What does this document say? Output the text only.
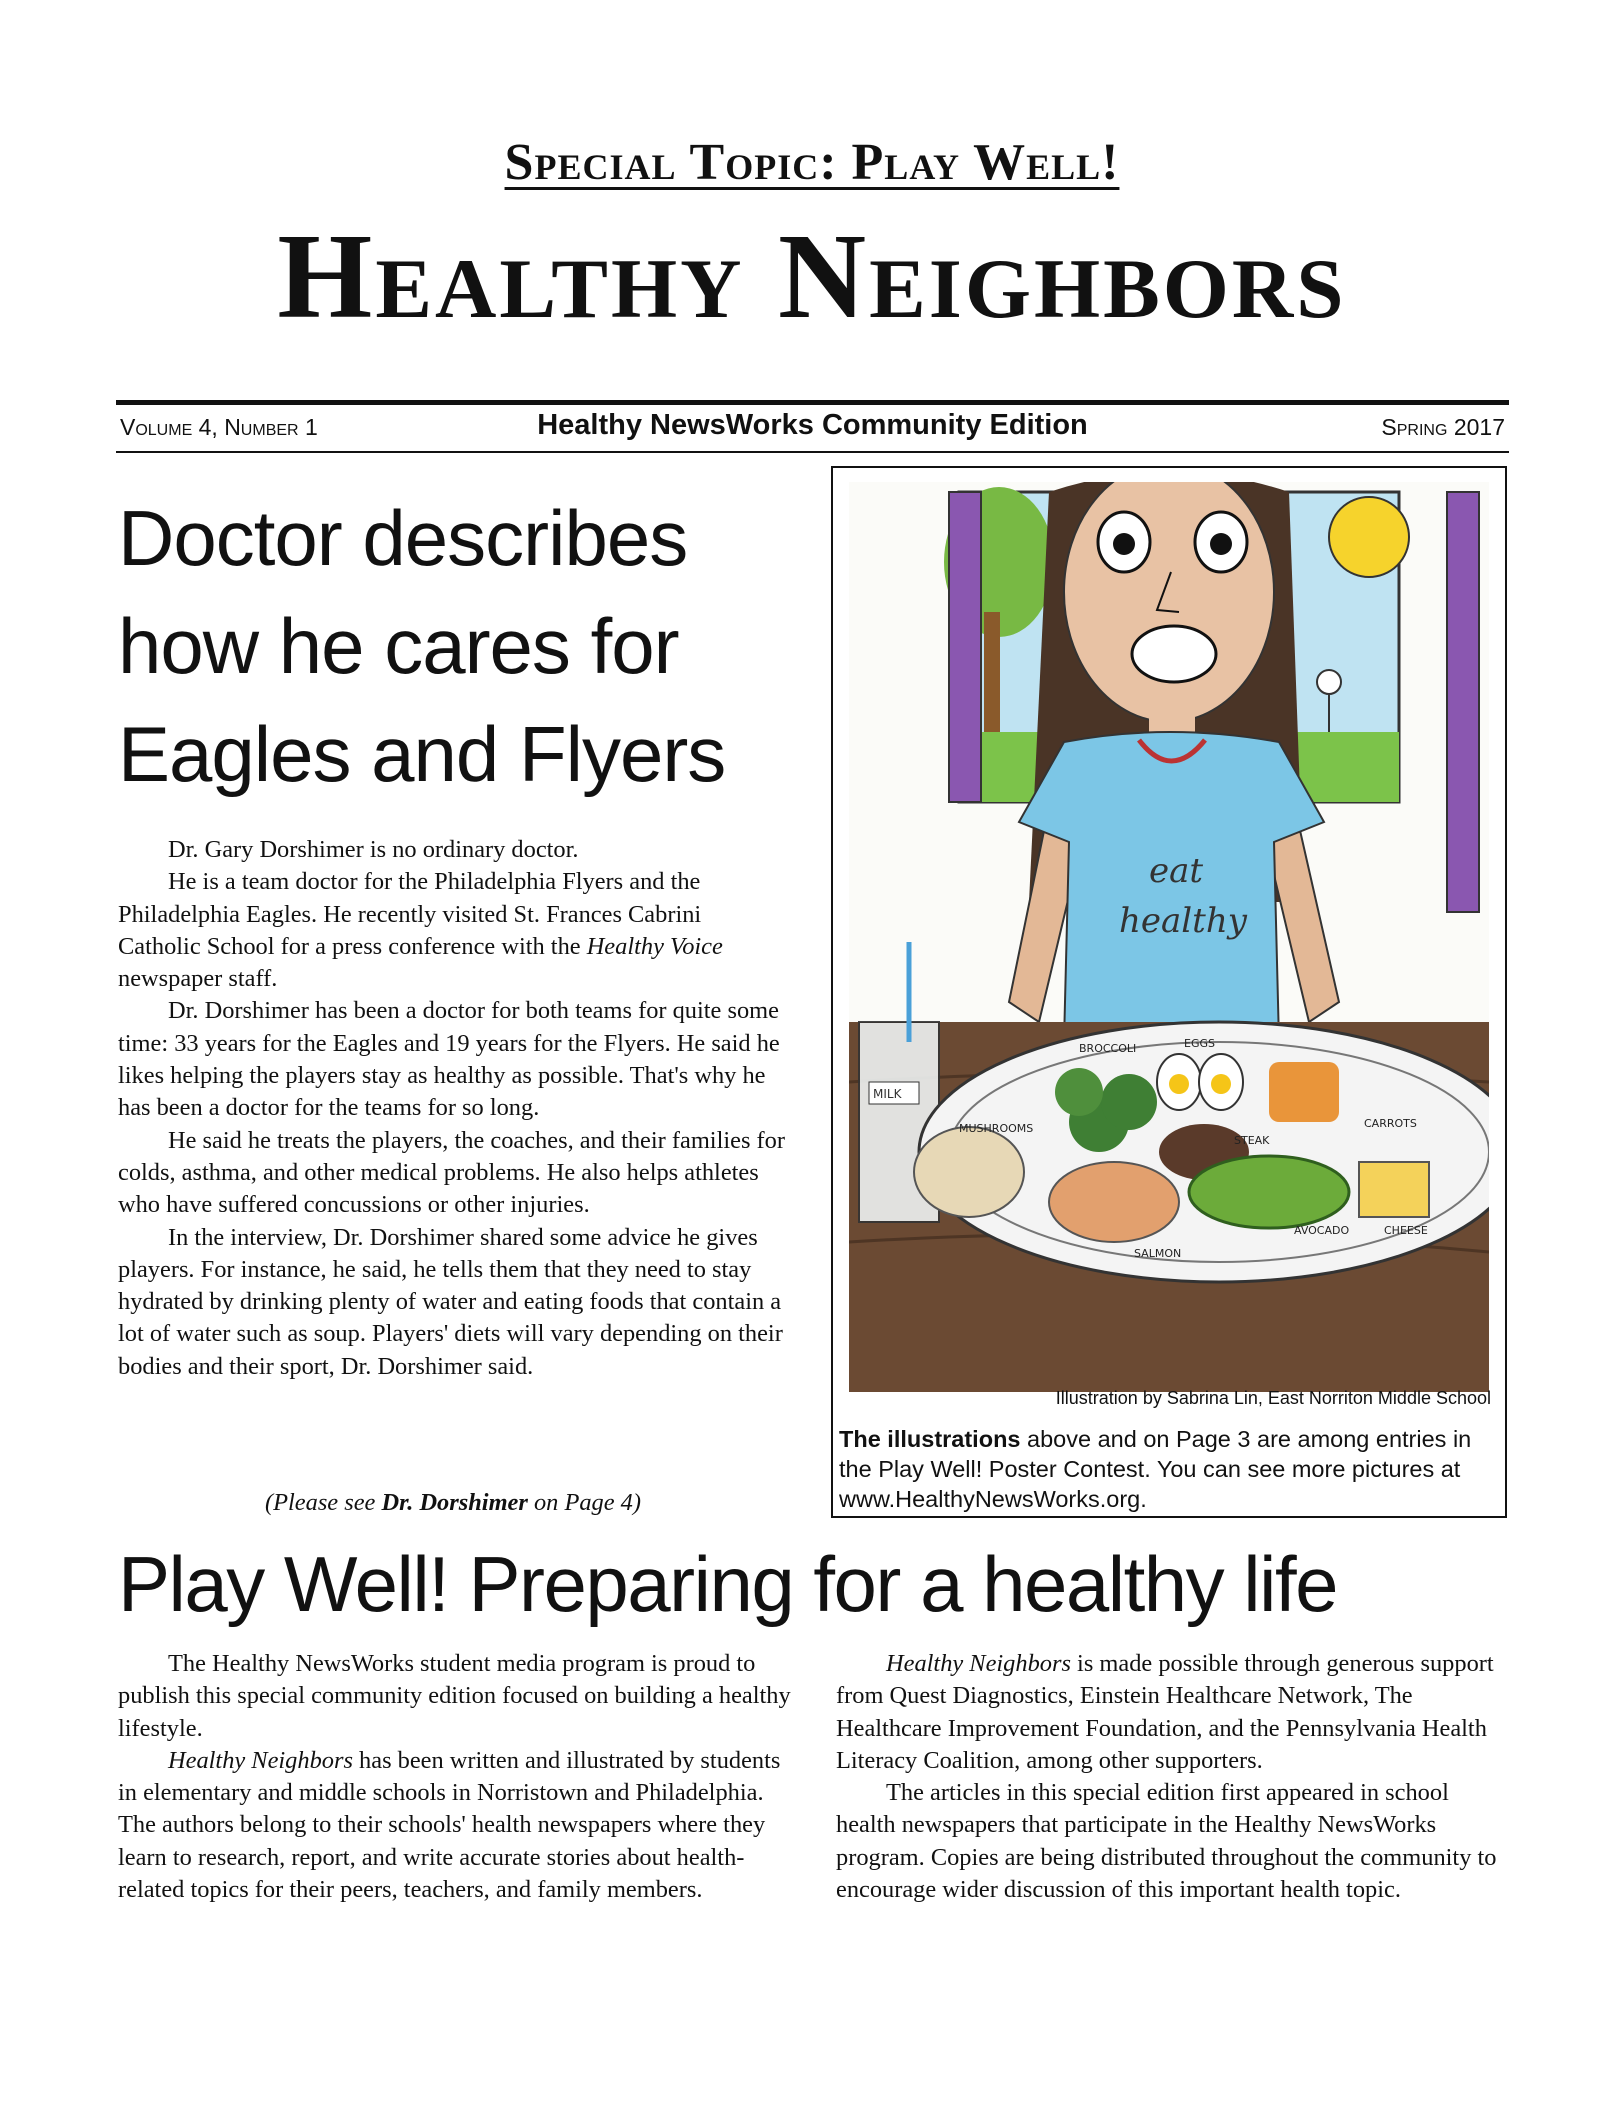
Special Topic: Play Well!
Healthy Neighbors
Volume 4, Number 1	Healthy NewsWorks Community Edition	Spring 2017
Doctor describes
how he cares for
Eagles and Flyers

Dr. Gary Dorshimer is no ordinary doctor.

He is a team doctor for the Philadelphia Flyers and the Philadelphia Eagles. He recently visited St. Frances Cabrini Catholic School for a press conference with the Healthy Voice newspaper staff.

Dr. Dorshimer has been a doctor for both teams for quite some time: 33 years for the Eagles and 19 years for the Flyers. He said he likes helping the players stay as healthy as possible. That's why he has been a doctor for the teams for so long.

He said he treats the players, the coaches, and their families for colds, asthma, and other medical problems. He also helps athletes who have suffered concussions or other injuries.

In the interview, Dr. Dorshimer shared some advice he gives players. For instance, he said, he tells them that they need to stay hydrated by drinking plenty of water and eating foods that contain a lot of water such as soup. Players' diets will vary depending on their bodies and their sport, Dr. Dorshimer said.

(Please see Dr. Dorshimer on Page 4)
eat
healthy
MILK
BROCCOLI	EGGS
CARROTS
MUSHROOMS
STEAK
AVOCADO	CHEESE
SALMON
Illustration by Sabrina Lin, East Norriton Middle School
The illustrations above and on Page 3 are among entries in the Play Well! Poster Contest. You can see more pictures at www.HealthyNewsWorks.org.
Play Well! Preparing for a healthy life

The Healthy NewsWorks student media program is proud to publish this special community edition focused on building a healthy lifestyle.

Healthy Neighbors has been written and illustrated by students in elementary and middle schools in Norristown and Philadelphia. The authors belong to their schools' health newspapers where they learn to research, report, and write accurate stories about health-related topics for their peers, teachers, and family members.

Healthy Neighbors is made possible through generous support from Quest Diagnostics, Einstein Healthcare Network, The Healthcare Improvement Foundation, and the Pennsylvania Health Literacy Coalition, among other supporters.

The articles in this special edition first appeared in school health newspapers that participate in the Healthy NewsWorks program. Copies are being distributed throughout the community to encourage wider discussion of this important health topic.
